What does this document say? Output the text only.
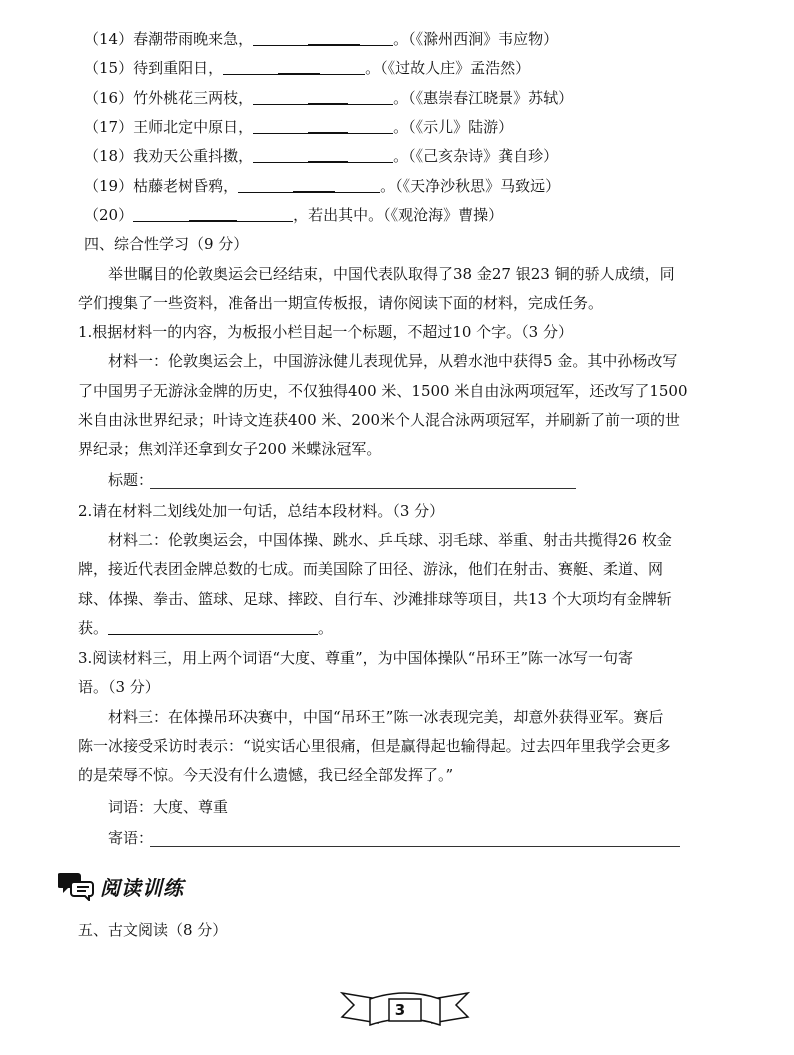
（14）春潮带雨晚来急，	。（《滁州西涧》韦应物）
（15）待到重阳日，	。（《过故人庄》孟浩然）
（16）竹外桃花三两枝，	。（《惠崇春江晓景》苏轼）
（17）王师北定中原日，	。（《示儿》陆游）
（18）我劝天公重抖擞，	。（《己亥杂诗》龚自珍）
（19）枯藤老树昏鸦，	。（《天净沙秋思》马致远）
（20）	，若出其中。（《观沧海》曹操）
四、综合性学习（9 分）
举世瞩目的伦敦奥运会已经结束，中国代表队取得了38 金27 银23 铜的骄人成绩，同
学们搜集了一些资料，准备出一期宣传板报，请你阅读下面的材料，完成任务。
1.根据材料一的内容，为板报小栏目起一个标题，不超过10 个字。（3 分）
材料一：伦敦奥运会上，中国游泳健儿表现优异，从碧水池中获得5 金。其中孙杨改写
了中国男子无游泳金牌的历史，不仅独得400 米、1500 米自由泳两项冠军，还改写了1500
米自由泳世界纪录；叶诗文连获400 米、200米个人混合泳两项冠军，并刷新了前一项的世
界纪录；焦刘洋还拿到女子200 米蝶泳冠军。
标题：
2.请在材料二划线处加一句话，总结本段材料。（3 分）
材料二：伦敦奥运会，中国体操、跳水、乒乓球、羽毛球、举重、射击共揽得26 枚金
牌，接近代表团金牌总数的七成。而美国除了田径、游泳，他们在射击、赛艇、柔道、网
球、体操、拳击、篮球、足球、摔跤、自行车、沙滩排球等项目，共13 个大项均有金牌斩
获。	。
3.阅读材料三，用上两个词语“大度、尊重”，为中国体操队“吊环王”陈一冰写一句寄
语。（3 分）
材料三：在体操吊环决赛中，中国“吊环王”陈一冰表现完美，却意外获得亚军。赛后
陈一冰接受采访时表示：“说实话心里很痛，但是赢得起也输得起。过去四年里我学会更多
的是荣辱不惊。今天没有什么遗憾，我已经全部发挥了。”
词语：大度、尊重
寄语：
阅读训练
五、古文阅读（8 分）
3
